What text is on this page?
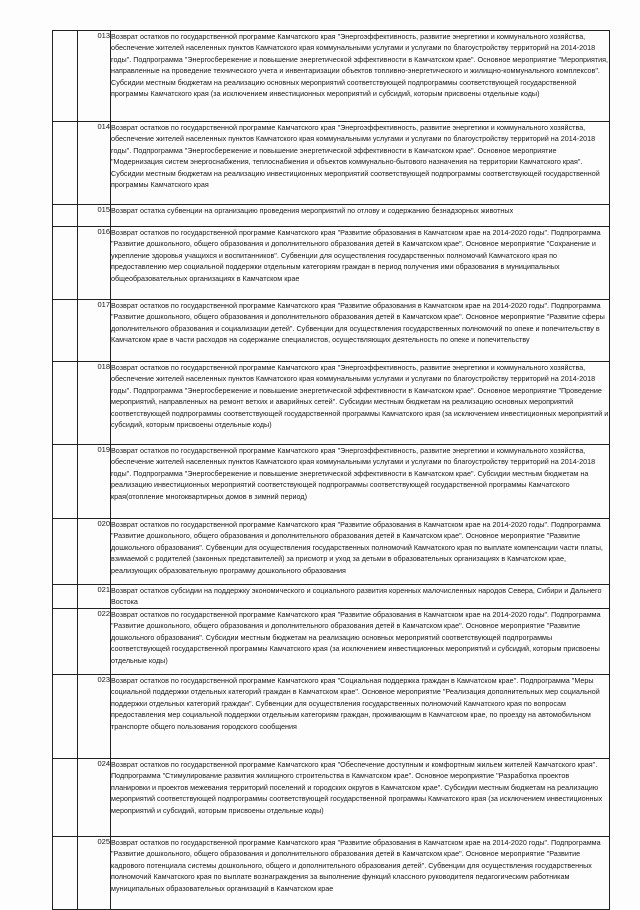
	013	Возврат остатков по государственной программе Камчатского края "Энергоэффективность, развитие энергетики и коммунального хозяйства, обеспечение жителей населенных пунктов Камчатского края коммунальными услугами и услугами по благоустройству территорий на 2014-2018 годы". Подпрограмма "Энергосбережение и повышение энергетической эффективности в Камчатском крае". Основное мероприятие "Мероприятия, направленные на проведение технического учета и инвентаризации объектов топливно-энергетического и жилищно-коммунального комплексов". Субсидии местным бюджетам на реализацию основных мероприятий соответствующей подпрограммы соответствующей государственной программы Камчатского края (за исключением инвестиционных мероприятий и субсидий, которым присвоены отдельные коды)
	014	Возврат остатков по государственной программе Камчатского края "Энергоэффективность, развитие энергетики и коммунального хозяйства, обеспечение жителей населенных пунктов Камчатского края коммунальными услугами и услугами по благоустройству территорий на 2014-2018 годы". Подпрограмма "Энергосбережение и повышение энергетической эффективности в Камчатском крае". Основное мероприятие "Модернизация систем энергоснабжения, теплоснабжения и объектов коммунально-бытового назначения на территории Камчатского края". Субсидии местным бюджетам на реализацию инвестиционных мероприятий соответствующей подпрограммы соответствующей государственной программы Камчатского края
	015	Возврат остатка субвенции на организацию проведения мероприятий по отлову и содержанию безнадзорных животных
	016	Возврат остатков по государственной программе Камчатского края "Развитие образования в Камчатском крае на 2014-2020 годы". Подпрограмма "Развитие дошкольного, общего образования и дополнительного образования детей в Камчатском крае". Основное мероприятие "Сохранение и укрепление здоровья учащихся и воспитанников". Субвенции для осуществления государственных полномочий Камчатского края по предоставлению мер социальной поддержки отдельным категориям граждан в период получения ими образования в муниципальных общеобразовательных организациях в Камчатском крае
	017	Возврат остатков по государственной программе Камчатского края "Развитие образования в Камчатском крае на 2014-2020 годы". Подпрограмма "Развитие дошкольного, общего образования и дополнительного образования детей в Камчатском крае". Основное мероприятие "Развитие сферы дополнительного образования и социализации детей". Субвенции для осуществления государственных полномочий по опеке и попечительству в Камчатском крае в части расходов на содержание специалистов, осуществляющих деятельность по опеке и попечительству
	018	Возврат остатков по государственной программе Камчатского края "Энергоэффективность, развитие энергетики и коммунального хозяйства, обеспечение жителей населенных пунктов Камчатского края коммунальными услугами и услугами по благоустройству территорий на 2014-2018 годы". Подпрограмма "Энергосбережение и повышение энергетической эффективности в Камчатском крае". Основное мероприятие "Проведение мероприятий, направленных на ремонт ветхих и аварийных сетей". Субсидии местным бюджетам на реализацию основных мероприятий соответствующей подпрограммы соответствующей государственной программы Камчатского края (за исключением инвестиционных мероприятий и субсидий, которым присвоены отдельные коды)
	019	Возврат остатков по государственной программе Камчатского края "Энергоэффективность, развитие энергетики и коммунального хозяйства, обеспечение жителей населенных пунктов Камчатского края коммунальными услугами и услугами по благоустройству территорий на 2014-2018 годы". Подпрограмма "Энергосбережение и повышение энергетической эффективности в Камчатском крае". Субсидии местным бюджетам на реализацию инвестиционных мероприятий соответствующей подпрограммы соответствующей государственной программы Камчатского края(отопление многоквартирных домов в зимний период)
	020	Возврат остатков по государственной программе Камчатского края "Развитие образования в Камчатском крае на 2014-2020 годы". Подпрограмма "Развитие дошкольного, общего образования и дополнительного образования детей в Камчатском крае". Основное мероприятие "Развитие дошкольного образования". Субвенции для осуществления государственных полномочий Камчатского края по выплате компенсации части платы, взимаемой с родителей (законных представителей) за присмотр и уход за детьми в образовательных организациях в Камчатском крае, реализующих образовательную программу дошкольного образования
	021	Возврат остатков субсидии на поддержку экономического и социального развития коренных малочисленных народов Севера, Сибири и Дальнего Востока
	022	Возврат остатков по государственной программе Камчатского края "Развитие образования в Камчатском крае на 2014-2020 годы". Подпрограмма "Развитие дошкольного, общего образования и дополнительного образования детей в Камчатском крае". Основное мероприятие "Развитие дошкольного образования". Субсидии местным бюджетам на реализацию основных мероприятий соответствующей подпрограммы соответствующей государственной программы Камчатского края (за исключением инвестиционных мероприятий и субсидий, которым присвоены отдельные коды)
	023	Возврат остатков по государственной программе Камчатского края "Социальная поддержка граждан в Камчатском крае". Подпрограмма "Меры социальной поддержки отдельных категорий граждан в Камчатском крае". Основное мероприятие "Реализация дополнительных мер социальной поддержки отдельных категорий граждан". Субвенции для осуществления государственных полномочий Камчатского края по вопросам предоставления мер социальной поддержки отдельным категориям граждан, проживающим в Камчатском крае, по проезду на автомобильном транспорте общего пользования городского сообщения
	024	Возврат остатков по государственной программе Камчатского края "Обеспечение доступным и комфортным жильем жителей Камчатского края". Подпрограмма "Стимулирование развития жилищного строительства в Камчатском крае". Основное мероприятие "Разработка проектов планировки и проектов межевания территорий поселений и городских округов в Камчатском крае". Субсидии местным бюджетам на реализацию мероприятий соответствующей подпрограммы соответствующей государственной программы Камчатского края (за исключением инвестиционных мероприятий и субсидий, которым присвоены отдельные коды)
	025	Возврат остатков по государственной программе Камчатского края "Развитие образования в Камчатском крае на 2014-2020 годы". Подпрограмма "Развитие дошкольного, общего образования и дополнительного образования детей в Камчатском крае". Основное мероприятие "Развитие кадрового потенциала системы дошкольного, общего и дополнительного образования детей". Субвенции для осуществления государственных полномочий Камчатского края по выплате вознаграждения за выполнение функций классного руководителя педагогическим работникам муниципальных образовательных организаций в Камчатском крае
